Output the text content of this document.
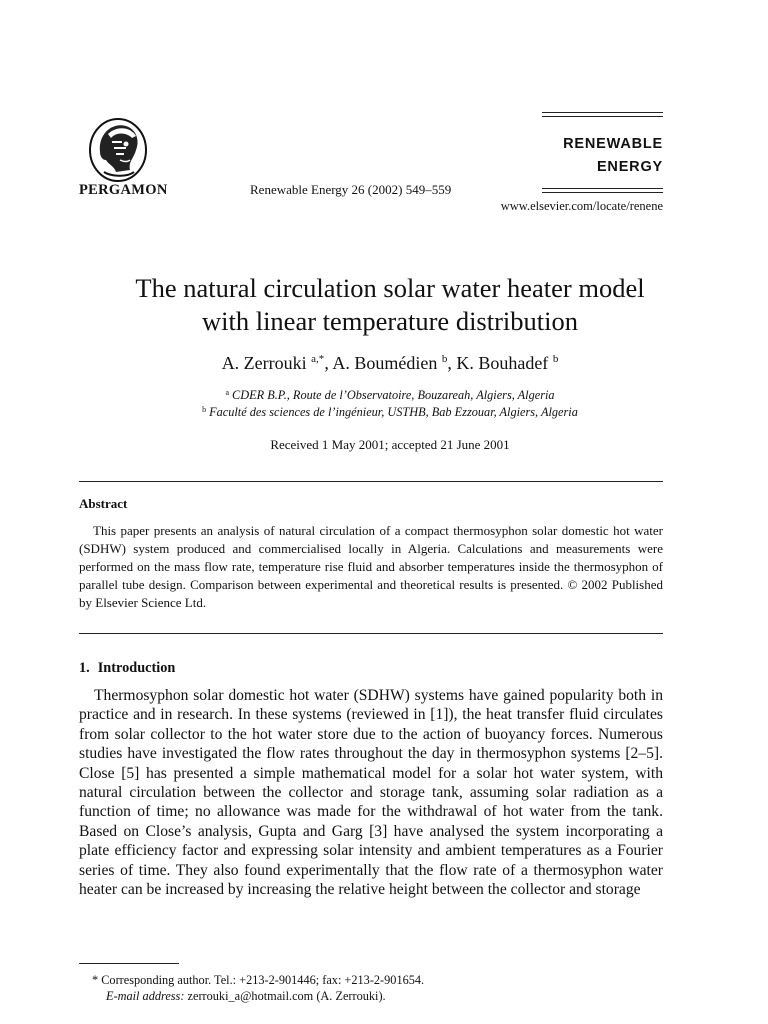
PERGAMON	Renewable Energy 26 (2002) 549–559
RENEWABLE
ENERGY
www.elsevier.com/locate/renene
The natural circulation solar water heater model
with linear temperature distribution
A. Zerrouki $^{a,*}$, A. Boumédien $^b$, K. Bouhadef $^b$
$^a$ CDER B.P., Route de l’Observatoire, Bouzareah, Algiers, Algeria
$^b$ Faculté des sciences de l’ingénieur, USTHB, Bab Ezzouar, Algiers, Algeria
Received 1 May 2001; accepted 21 June 2001
Abstract

This paper presents an analysis of natural circulation of a compact thermosyphon solar domestic hot water (SDHW) system produced and commercialised locally in Algeria. Calculations and measurements were performed on the mass flow rate, temperature rise fluid and absorber temperatures inside the thermosyphon of parallel tube design. Comparison between experimental and theoretical results is presented. © 2002 Published by Elsevier Science Ltd.

1. Introduction

Thermosyphon solar domestic hot water (SDHW) systems have gained popularity both in practice and in research. In these systems (reviewed in [1]), the heat transfer fluid circulates from solar collector to the hot water store due to the action of buoyancy forces. Numerous studies have investigated the flow rates throughout the day in thermosyphon systems [2–5]. Close [5] has presented a simple mathematical model for a solar hot water system, with natural circulation between the collector and storage tank, assuming solar radiation as a function of time; no allowance was made for the withdrawal of hot water from the tank. Based on Close’s analysis, Gupta and Garg [3] have analysed the system incorporating a plate efficiency factor and expressing solar intensity and ambient temperatures as a Fourier series of time. They also found experimentally that the flow rate of a thermosyphon water heater can be increased by increasing the relative height between the collector and storage

* Corresponding author. Tel.: +213-2-901446; fax: +213-2-901654.
E-mail address: zerrouki_a@hotmail.com (A. Zerrouki).
